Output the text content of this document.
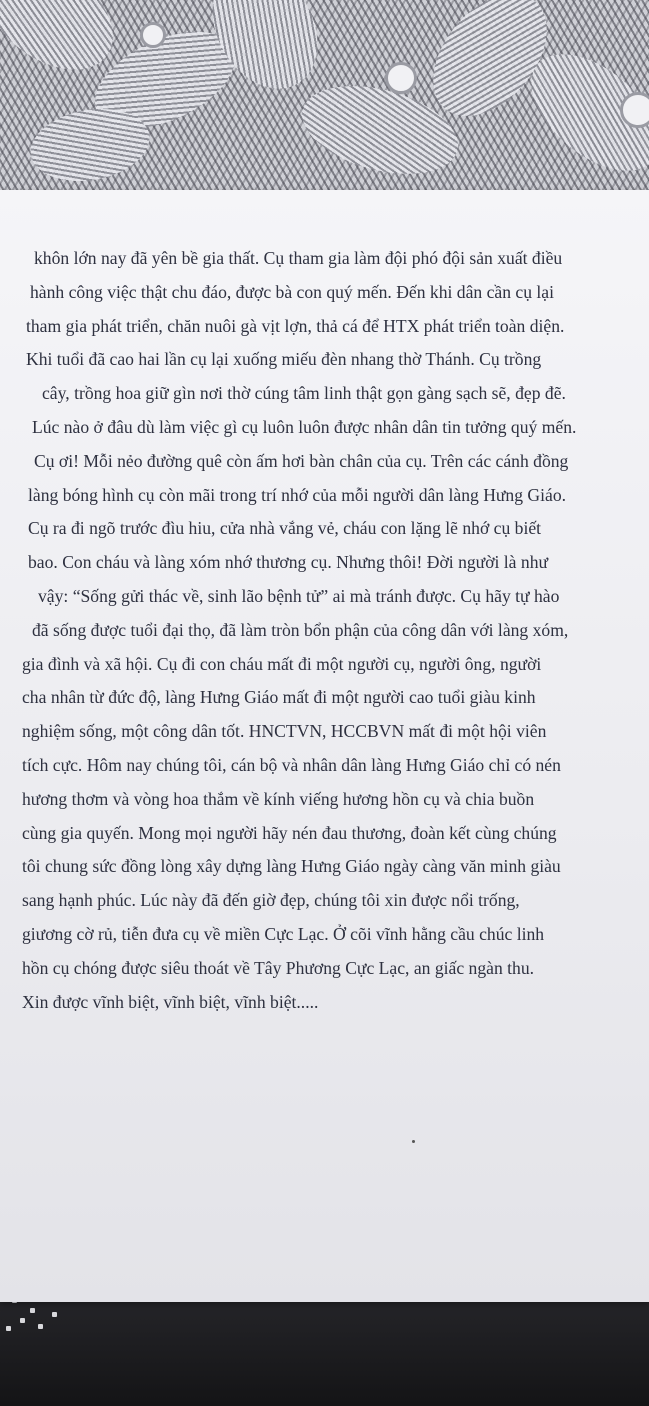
khôn lớn nay đã yên bề gia thất. Cụ tham gia làm đội phó đội sản xuất điều
hành công việc thật chu đáo, được bà con quý mến. Đến khi dân cần cụ lại
tham gia phát triển, chăn nuôi gà vịt lợn, thả cá để HTX phát triển toàn diện.
Khi tuổi đã cao hai lần cụ lại xuống miếu đèn nhang thờ Thánh. Cụ trồng
cây, trồng hoa giữ gìn nơi thờ cúng tâm linh thật gọn gàng sạch sẽ, đẹp đẽ.
Lúc nào ở đâu dù làm việc gì cụ luôn luôn được nhân dân tin tưởng quý mến.
Cụ ơi! Mỗi nẻo đường quê còn ấm hơi bàn chân của cụ. Trên các cánh đồng
làng bóng hình cụ còn mãi trong trí nhớ của mỗi người dân làng Hưng Giáo.
Cụ ra đi ngõ trước đìu hiu, cửa nhà vắng vẻ, cháu con lặng lẽ nhớ cụ biết
bao. Con cháu và làng xóm nhớ thương cụ. Nhưng thôi! Đời người là như
vậy: “Sống gửi thác về, sinh lão bệnh tử” ai mà tránh được. Cụ hãy tự hào
đã sống được tuổi đại thọ, đã làm tròn bổn phận của công dân với làng xóm,
gia đình và xã hội. Cụ đi con cháu mất đi một người cụ, người ông, người
cha nhân từ đức độ, làng Hưng Giáo mất đi một người cao tuổi giàu kinh
nghiệm sống, một công dân tốt. HNCTVN, HCCBVN mất đi một hội viên
tích cực. Hôm nay chúng tôi, cán bộ và nhân dân làng Hưng Giáo chỉ có nén
hương thơm và vòng hoa thắm về kính viếng hương hồn cụ và chia buồn
cùng gia quyến. Mong mọi người hãy nén đau thương, đoàn kết cùng chúng
tôi chung sức đồng lòng xây dựng làng Hưng Giáo ngày càng văn minh giàu
sang hạnh phúc. Lúc này đã đến giờ đẹp, chúng tôi xin được nổi trống,
giương cờ rủ, tiễn đưa cụ về miền Cực Lạc. Ở cõi vĩnh hằng cầu chúc linh
hồn cụ chóng được siêu thoát về Tây Phương Cực Lạc, an giấc ngàn thu.
Xin được vĩnh biệt, vĩnh biệt, vĩnh biệt.....
